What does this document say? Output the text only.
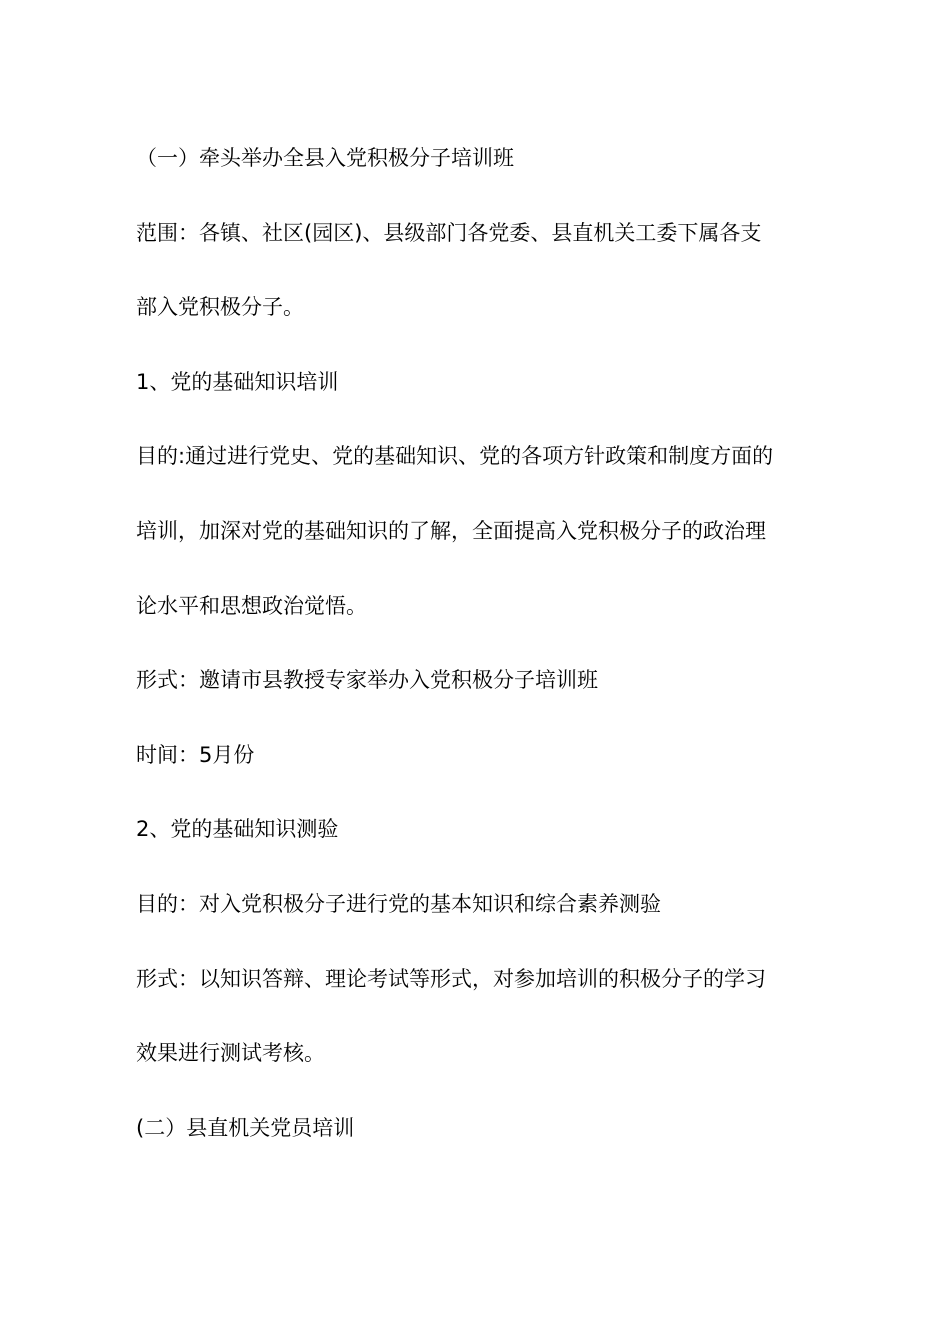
（一）牵头举办全县入党积极分子培训班

范围：各镇、社区(园区)、县级部门各党委、县直机关工委下属各支

部入党积极分子。

1、党的基础知识培训

目的:通过进行党史、党的基础知识、党的各项方针政策和制度方面的

培训，加深对党的基础知识的了解，全面提高入党积极分子的政治理

论水平和思想政治觉悟。

形式：邀请市县教授专家举办入党积极分子培训班

时间：5月份

2、党的基础知识测验

目的：对入党积极分子进行党的基本知识和综合素养测验

形式：以知识答辩、理论考试等形式，对参加培训的积极分子的学习

效果进行测试考核。

(二）县直机关党员培训
